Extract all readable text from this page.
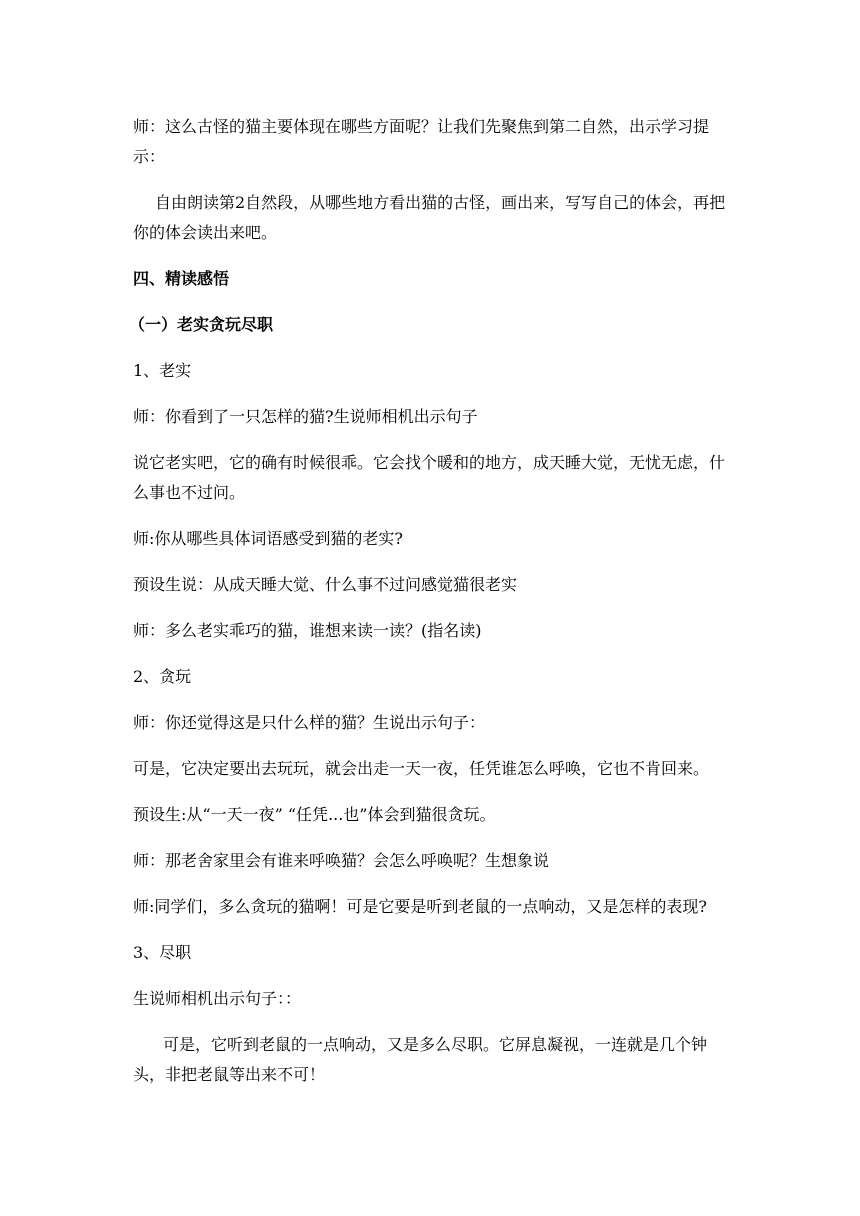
师：这么古怪的猫主要体现在哪些方面呢？让我们先聚焦到第二自然，出示学习提示：

自由朗读第2自然段，从哪些地方看出猫的古怪，画出来，写写自己的体会，再把你的体会读出来吧。

四、精读感悟

（一）老实贪玩尽职

1、老实

师：你看到了一只怎样的猫?生说师相机出示句子

说它老实吧，它的确有时候很乖。它会找个暖和的地方，成天睡大觉，无忧无虑，什么事也不过问。

师:你从哪些具体词语感受到猫的老实?

预设生说：从成天睡大觉、什么事不过问感觉猫很老实

师：多么老实乖巧的猫，谁想来读一读？(指名读)

2、贪玩

师：你还觉得这是只什么样的猫？生说出示句子：

可是，它决定要出去玩玩，就会出走一天一夜，任凭谁怎么呼唤，它也不肯回来。

预设生:从“一天一夜” “任凭...也”体会到猫很贪玩。

师：那老舍家里会有谁来呼唤猫？会怎么呼唤呢？生想象说

师:同学们，多么贪玩的猫啊！可是它要是听到老鼠的一点响动，又是怎样的表现?

3、尽职

生说师相机出示句子：：

可是，它听到老鼠的一点响动，又是多么尽职。它屏息凝视，一连就是几个钟头，非把老鼠等出来不可！
